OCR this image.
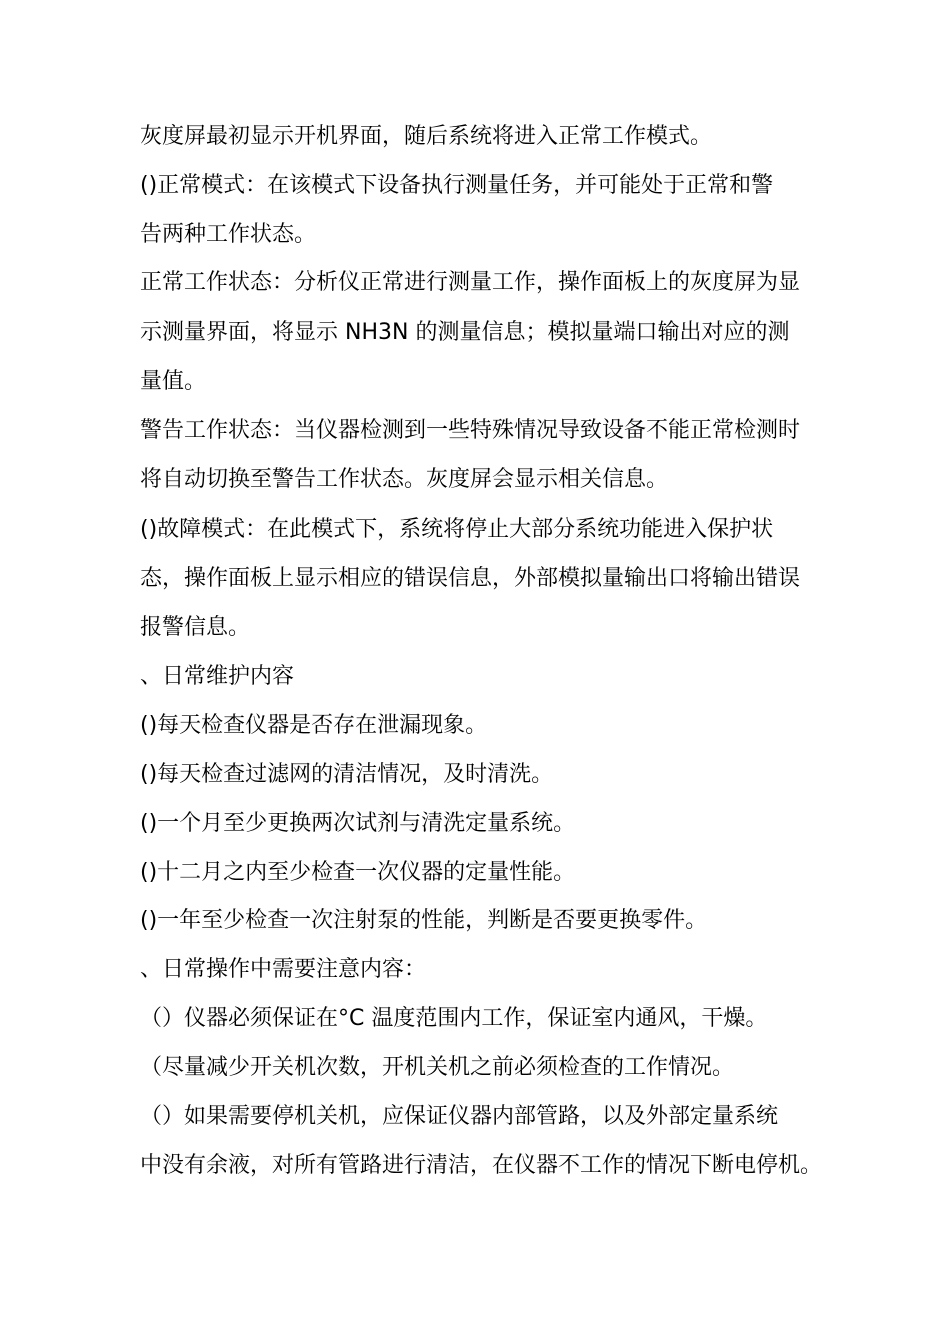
灰度屏最初显示开机界面，随后系统将进入正常工作模式。
()正常模式：在该模式下设备执行测量任务，并可能处于正常和警
告两种工作状态。
正常工作状态：分析仪正常进行测量工作，操作面板上的灰度屏为显
示测量界面，将显示 NH3N 的测量信息；模拟量端口输出对应的测
量值。
警告工作状态：当仪器检测到一些特殊情况导致设备不能正常检测时
将自动切换至警告工作状态。灰度屏会显示相关信息。
()故障模式：在此模式下，系统将停止大部分系统功能进入保护状
态，操作面板上显示相应的错误信息，外部模拟量输出口将输出错误
报警信息。
、日常维护内容
()每天检查仪器是否存在泄漏现象。
()每天检查过滤网的清洁情况，及时清洗。
()一个月至少更换两次试剂与清洗定量系统。
()十二月之内至少检查一次仪器的定量性能。
()一年至少检查一次注射泵的性能，判断是否要更换零件。
、日常操作中需要注意内容：
（）仪器必须保证在°C 温度范围内工作，保证室内通风，干燥。
（尽量减少开关机次数，开机关机之前必须检查的工作情况。
（）如果需要停机关机，应保证仪器内部管路，以及外部定量系统
中没有余液，对所有管路进行清洁，在仪器不工作的情况下断电停机。
